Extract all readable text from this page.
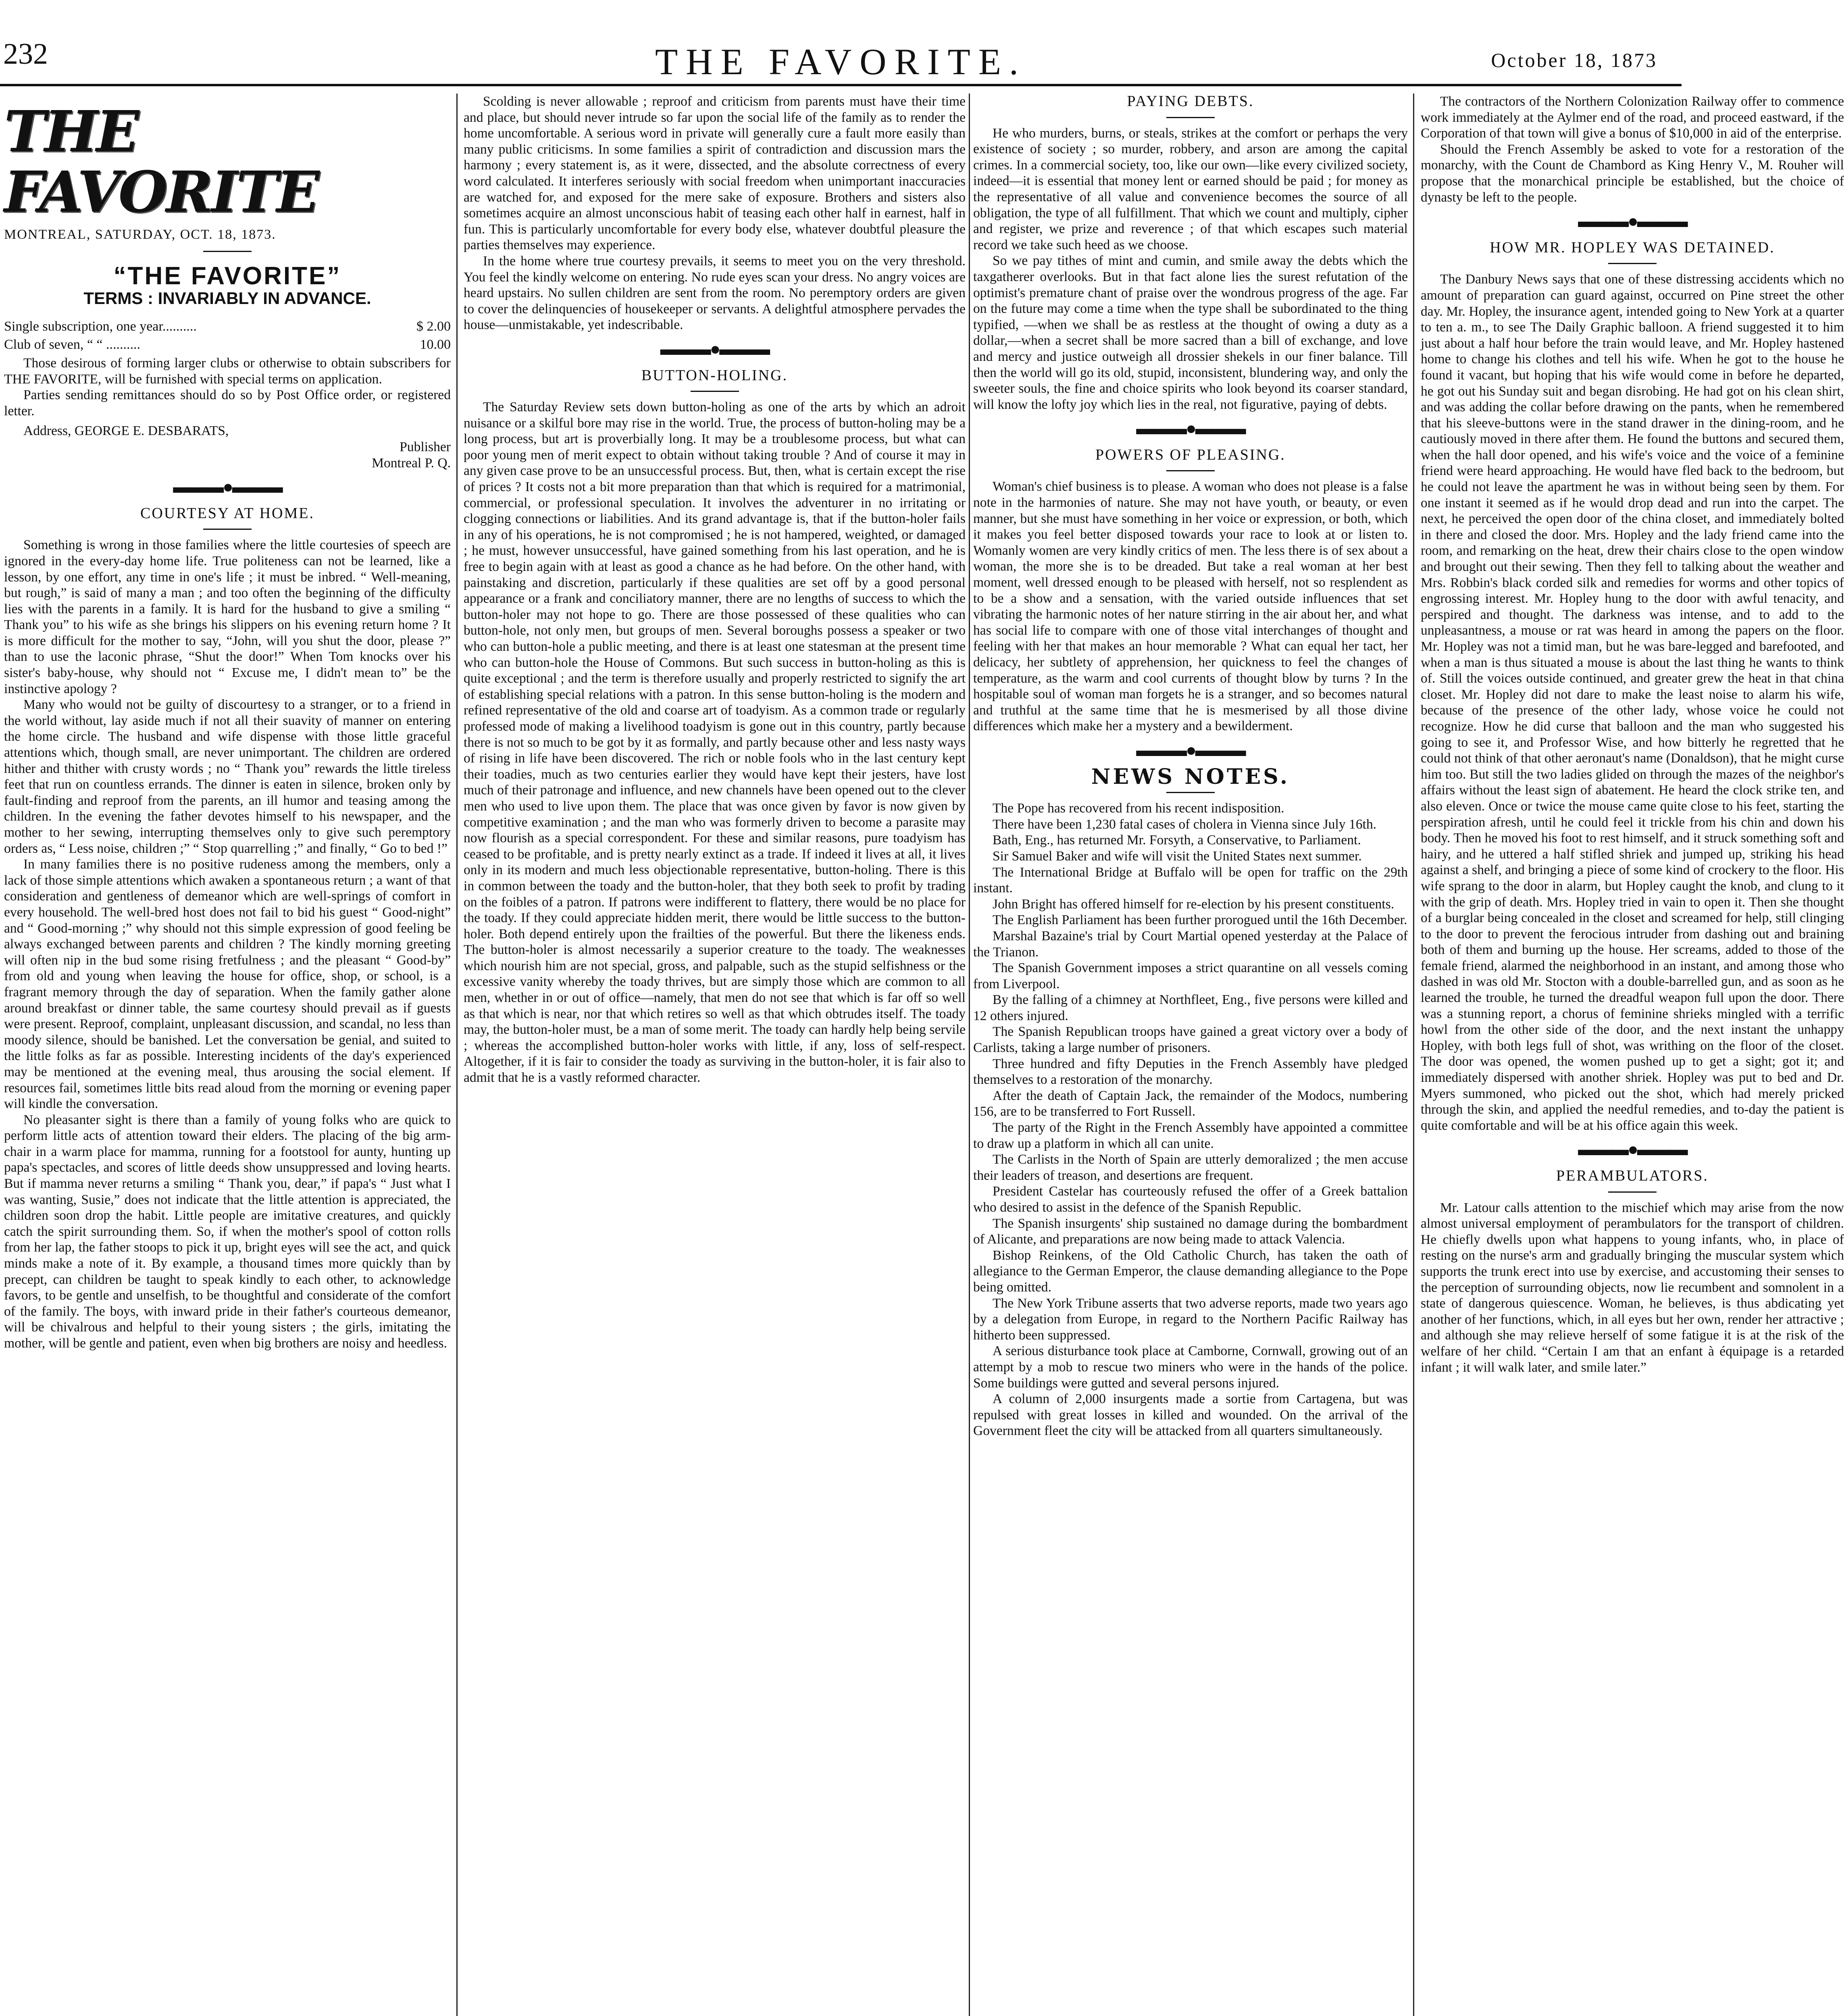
232	THE FAVORITE.	October 18, 1873
THE FAVORITE
MONTREAL, SATURDAY, OCT. 18, 1873.
“THE FAVORITE”
TERMS : INVARIABLY IN ADVANCE.
Single subscription, one year..........	$ 2.00
Club of seven, “ “ ..........	10.00

Those desirous of forming larger clubs or otherwise to obtain subscribers for THE FAVORITE, will be furnished with special terms on application.

Parties sending remittances should do so by Post Office order, or registered letter.

Address, GEORGE E. DESBARATS,
Publisher
Montreal P. Q.
▬▬▬●▬▬▬
COURTESY AT HOME.

Something is wrong in those families where the little courtesies of speech are ignored in the every-day home life. True politeness can not be learned, like a lesson, by one effort, any time in one's life ; it must be inbred. “ Well-meaning, but rough,” is said of many a man ; and too often the beginning of the difficulty lies with the parents in a family. It is hard for the husband to give a smiling “ Thank you” to his wife as she brings his slippers on his evening return home ? It is more difficult for the mother to say, “John, will you shut the door, please ?” than to use the laconic phrase, “Shut the door!” When Tom knocks over his sister's baby-house, why should not “ Excuse me, I didn't mean to” be the instinctive apology ?

Many who would not be guilty of discourtesy to a stranger, or to a friend in the world without, lay aside much if not all their suavity of manner on entering the home circle. The husband and wife dispense with those little graceful attentions which, though small, are never unimportant. The children are ordered hither and thither with crusty words ; no “ Thank you” rewards the little tireless feet that run on countless errands. The dinner is eaten in silence, broken only by fault-finding and reproof from the parents, an ill humor and teasing among the children. In the evening the father devotes himself to his newspaper, and the mother to her sewing, interrupting themselves only to give such peremptory orders as, “ Less noise, children ;” “ Stop quarrelling ;” and finally, “ Go to bed !”

In many families there is no positive rudeness among the members, only a lack of those simple attentions which awaken a spontaneous return ; a want of that consideration and gentleness of demeanor which are well-springs of comfort in every household. The well-bred host does not fail to bid his guest “ Good-night” and “ Good-morning ;” why should not this simple expression of good feeling be always exchanged between parents and children ? The kindly morning greeting will often nip in the bud some rising fretfulness ; and the pleasant “ Good-by” from old and young when leaving the house for office, shop, or school, is a fragrant memory through the day of separation. When the family gather alone around breakfast or dinner table, the same courtesy should prevail as if guests were present. Reproof, complaint, unpleasant discussion, and scandal, no less than moody silence, should be banished. Let the conversation be genial, and suited to the little folks as far as possible. Interesting incidents of the day's experienced may be mentioned at the evening meal, thus arousing the social element. If resources fail, sometimes little bits read aloud from the morning or evening paper will kindle the conversation.

No pleasanter sight is there than a family of young folks who are quick to perform little acts of attention toward their elders. The placing of the big arm-chair in a warm place for mamma, running for a footstool for aunty, hunting up papa's spectacles, and scores of little deeds show unsuppressed and loving hearts. But if mamma never returns a smiling “ Thank you, dear,” if papa's “ Just what I was wanting, Susie,” does not indicate that the little attention is appreciated, the children soon drop the habit. Little people are imitative creatures, and quickly catch the spirit surrounding them. So, if when the mother's spool of cotton rolls from her lap, the father stoops to pick it up, bright eyes will see the act, and quick minds make a note of it. By example, a thousand times more quickly than by precept, can children be taught to speak kindly to each other, to acknowledge favors, to be gentle and unselfish, to be thoughtful and considerate of the comfort of the family. The boys, with inward pride in their father's courteous demeanor, will be chivalrous and helpful to their young sisters ; the girls, imitating the mother, will be gentle and patient, even when big brothers are noisy and heedless.

Scolding is never allowable ; reproof and criticism from parents must have their time and place, but should never intrude so far upon the social life of the family as to render the home uncomfortable. A serious word in private will generally cure a fault more easily than many public criticisms. In some families a spirit of contradiction and discussion mars the harmony ; every statement is, as it were, dissected, and the absolute correctness of every word calculated. It interferes seriously with social freedom when unimportant inaccuracies are watched for, and exposed for the mere sake of exposure. Brothers and sisters also sometimes acquire an almost unconscious habit of teasing each other half in earnest, half in fun. This is particularly uncomfortable for every body else, whatever doubtful pleasure the parties themselves may experience.

In the home where true courtesy prevails, it seems to meet you on the very threshold. You feel the kindly welcome on entering. No rude eyes scan your dress. No angry voices are heard upstairs. No sullen children are sent from the room. No peremptory orders are given to cover the delinquencies of housekeeper or servants. A delightful atmosphere pervades the house—unmistakable, yet indescribable.

▬▬▬●▬▬▬
BUTTON-HOLING.

The Saturday Review sets down button-holing as one of the arts by which an adroit nuisance or a skilful bore may rise in the world. True, the process of button-holing may be a long process, but art is proverbially long. It may be a troublesome process, but what can poor young men of merit expect to obtain without taking trouble ? And of course it may in any given case prove to be an unsuccessful process. But, then, what is certain except the rise of prices ? It costs not a bit more preparation than that which is required for a matrimonial, commercial, or professional speculation. It involves the adventurer in no irritating or clogging connections or liabilities. And its grand advantage is, that if the button-holer fails in any of his operations, he is not compromised ; he is not hampered, weighted, or damaged ; he must, however unsuccessful, have gained something from his last operation, and he is free to begin again with at least as good a chance as he had before. On the other hand, with painstaking and discretion, particularly if these qualities are set off by a good personal appearance or a frank and conciliatory manner, there are no lengths of success to which the button-holer may not hope to go. There are those possessed of these qualities who can button-hole, not only men, but groups of men. Several boroughs possess a speaker or two who can button-hole a public meeting, and there is at least one statesman at the present time who can button-hole the House of Commons. But such success in button-holing as this is quite exceptional ; and the term is therefore usually and properly restricted to signify the art of establishing special relations with a patron. In this sense button-holing is the modern and refined representative of the old and coarse art of toadyism. As a common trade or regularly professed mode of making a livelihood toadyism is gone out in this country, partly because there is not so much to be got by it as formally, and partly because other and less nasty ways of rising in life have been discovered. The rich or noble fools who in the last century kept their toadies, much as two centuries earlier they would have kept their jesters, have lost much of their patronage and influence, and new channels have been opened out to the clever men who used to live upon them. The place that was once given by favor is now given by competitive examination ; and the man who was formerly driven to become a parasite may now flourish as a special correspondent. For these and similar reasons, pure toadyism has ceased to be profitable, and is pretty nearly extinct as a trade. If indeed it lives at all, it lives only in its modern and much less objectionable representative, button-holing. There is this in common between the toady and the button-holer, that they both seek to profit by trading on the foibles of a patron. If patrons were indifferent to flattery, there would be no place for the toady. If they could appreciate hidden merit, there would be little success to the button-holer. Both depend entirely upon the frailties of the powerful. But there the likeness ends. The button-holer is almost necessarily a superior creature to the toady. The weaknesses which nourish him are not special, gross, and palpable, such as the stupid selfishness or the excessive vanity whereby the toady thrives, but are simply those which are common to all men, whether in or out of office—namely, that men do not see that which is far off so well as that which is near, nor that which retires so well as that which obtrudes itself. The toady may, the button-holer must, be a man of some merit. The toady can hardly help being servile ; whereas the accomplished button-holer works with little, if any, loss of self-respect. Altogether, if it is fair to consider the toady as surviving in the button-holer, it is fair also to admit that he is a vastly reformed character.

PAYING DEBTS.

He who murders, burns, or steals, strikes at the comfort or perhaps the very existence of society ; so murder, robbery, and arson are among the capital crimes. In a commercial society, too, like our own—like every civilized society, indeed—it is essential that money lent or earned should be paid ; for money as the representative of all value and convenience becomes the source of all obligation, the type of all fulfillment. That which we count and multiply, cipher and register, we prize and reverence ; of that which escapes such material record we take such heed as we choose.

So we pay tithes of mint and cumin, and smile away the debts which the taxgatherer overlooks. But in that fact alone lies the surest refutation of the optimist's premature chant of praise over the wondrous progress of the age. Far on the future may come a time when the type shall be subordinated to the thing typified, —when we shall be as restless at the thought of owing a duty as a dollar,—when a secret shall be more sacred than a bill of exchange, and love and mercy and justice outweigh all drossier shekels in our finer balance. Till then the world will go its old, stupid, inconsistent, blundering way, and only the sweeter souls, the fine and choice spirits who look beyond its coarser standard, will know the lofty joy which lies in the real, not figurative, paying of debts.

▬▬▬●▬▬▬
POWERS OF PLEASING.

Woman's chief business is to please. A woman who does not please is a false note in the harmonies of nature. She may not have youth, or beauty, or even manner, but she must have something in her voice or expression, or both, which it makes you feel better disposed towards your race to look at or listen to. Womanly women are very kindly critics of men. The less there is of sex about a woman, the more she is to be dreaded. But take a real woman at her best moment, well dressed enough to be pleased with herself, not so resplendent as to be a show and a sensation, with the varied outside influences that set vibrating the harmonic notes of her nature stirring in the air about her, and what has social life to compare with one of those vital interchanges of thought and feeling with her that makes an hour memorable ? What can equal her tact, her delicacy, her subtlety of apprehension, her quickness to feel the changes of temperature, as the warm and cool currents of thought blow by turns ? In the hospitable soul of woman man forgets he is a stranger, and so becomes natural and truthful at the same time that he is mesmerised by all those divine differences which make her a mystery and a bewilderment.

▬▬▬●▬▬▬
NEWS NOTES.

The Pope has recovered from his recent indisposition.

There have been 1,230 fatal cases of cholera in Vienna since July 16th.

Bath, Eng., has returned Mr. Forsyth, a Conservative, to Parliament.

Sir Samuel Baker and wife will visit the United States next summer.

The International Bridge at Buffalo will be open for traffic on the 29th instant.

John Bright has offered himself for re-election by his present constituents.

The English Parliament has been further prorogued until the 16th December.

Marshal Bazaine's trial by Court Martial opened yesterday at the Palace of the Trianon.

The Spanish Government imposes a strict quarantine on all vessels coming from Liverpool.

By the falling of a chimney at Northfleet, Eng., five persons were killed and 12 others injured.

The Spanish Republican troops have gained a great victory over a body of Carlists, taking a large number of prisoners.

Three hundred and fifty Deputies in the French Assembly have pledged themselves to a restoration of the monarchy.

After the death of Captain Jack, the remainder of the Modocs, numbering 156, are to be transferred to Fort Russell.

The party of the Right in the French Assembly have appointed a committee to draw up a platform in which all can unite.

The Carlists in the North of Spain are utterly demoralized ; the men accuse their leaders of treason, and desertions are frequent.

President Castelar has courteously refused the offer of a Greek battalion who desired to assist in the defence of the Spanish Republic.

The Spanish insurgents' ship sustained no damage during the bombardment of Alicante, and preparations are now being made to attack Valencia.

Bishop Reinkens, of the Old Catholic Church, has taken the oath of allegiance to the German Emperor, the clause demanding allegiance to the Pope being omitted.

The New York Tribune asserts that two adverse reports, made two years ago by a delegation from Europe, in regard to the Northern Pacific Railway has hitherto been suppressed.

A serious disturbance took place at Camborne, Cornwall, growing out of an attempt by a mob to rescue two miners who were in the hands of the police. Some buildings were gutted and several persons injured.

A column of 2,000 insurgents made a sortie from Cartagena, but was repulsed with great losses in killed and wounded. On the arrival of the Government fleet the city will be attacked from all quarters simultaneously.

The contractors of the Northern Colonization Railway offer to commence work immediately at the Aylmer end of the road, and proceed eastward, if the Corporation of that town will give a bonus of $10,000 in aid of the enterprise.

Should the French Assembly be asked to vote for a restoration of the monarchy, with the Count de Chambord as King Henry V., M. Rouher will propose that the monarchical principle be established, but the choice of dynasty be left to the people.

▬▬▬●▬▬▬
HOW MR. HOPLEY WAS DETAINED.

The Danbury News says that one of these distressing accidents which no amount of preparation can guard against, occurred on Pine street the other day. Mr. Hopley, the insurance agent, intended going to New York at a quarter to ten a. m., to see The Daily Graphic balloon. A friend suggested it to him just about a half hour before the train would leave, and Mr. Hopley hastened home to change his clothes and tell his wife. When he got to the house he found it vacant, but hoping that his wife would come in before he departed, he got out his Sunday suit and began disrobing. He had got on his clean shirt, and was adding the collar before drawing on the pants, when he remembered that his sleeve-buttons were in the stand drawer in the dining-room, and he cautiously moved in there after them. He found the buttons and secured them, when the hall door opened, and his wife's voice and the voice of a feminine friend were heard approaching. He would have fled back to the bedroom, but he could not leave the apartment he was in without being seen by them. For one instant it seemed as if he would drop dead and run into the carpet. The next, he perceived the open door of the china closet, and immediately bolted in there and closed the door. Mrs. Hopley and the lady friend came into the room, and remarking on the heat, drew their chairs close to the open window and brought out their sewing. Then they fell to talking about the weather and Mrs. Robbin's black corded silk and remedies for worms and other topics of engrossing interest. Mr. Hopley hung to the door with awful tenacity, and perspired and thought. The darkness was intense, and to add to the unpleasantness, a mouse or rat was heard in among the papers on the floor. Mr. Hopley was not a timid man, but he was bare-legged and barefooted, and when a man is thus situated a mouse is about the last thing he wants to think of. Still the voices outside continued, and greater grew the heat in that china closet. Mr. Hopley did not dare to make the least noise to alarm his wife, because of the presence of the other lady, whose voice he could not recognize. How he did curse that balloon and the man who suggested his going to see it, and Professor Wise, and how bitterly he regretted that he could not think of that other aeronaut's name (Donaldson), that he might curse him too. But still the two ladies glided on through the mazes of the neighbor's affairs without the least sign of abatement. He heard the clock strike ten, and also eleven. Once or twice the mouse came quite close to his feet, starting the perspiration afresh, until he could feel it trickle from his chin and down his body. Then he moved his foot to rest himself, and it struck something soft and hairy, and he uttered a half stifled shriek and jumped up, striking his head against a shelf, and bringing a piece of some kind of crockery to the floor. His wife sprang to the door in alarm, but Hopley caught the knob, and clung to it with the grip of death. Mrs. Hopley tried in vain to open it. Then she thought of a burglar being concealed in the closet and screamed for help, still clinging to the door to prevent the ferocious intruder from dashing out and braining both of them and burning up the house. Her screams, added to those of the female friend, alarmed the neighborhood in an instant, and among those who dashed in was old Mr. Stocton with a double-barrelled gun, and as soon as he learned the trouble, he turned the dreadful weapon full upon the door. There was a stunning report, a chorus of feminine shrieks mingled with a terrific howl from the other side of the door, and the next instant the unhappy Hopley, with both legs full of shot, was writhing on the floor of the closet. The door was opened, the women pushed up to get a sight; got it; and immediately dispersed with another shriek. Hopley was put to bed and Dr. Myers summoned, who picked out the shot, which had merely pricked through the skin, and applied the needful remedies, and to-day the patient is quite comfortable and will be at his office again this week.

▬▬▬●▬▬▬
PERAMBULATORS.

Mr. Latour calls attention to the mischief which may arise from the now almost universal employment of perambulators for the transport of children. He chiefly dwells upon what happens to young infants, who, in place of resting on the nurse's arm and gradually bringing the muscular system which supports the trunk erect into use by exercise, and accustoming their senses to the perception of surrounding objects, now lie recumbent and somnolent in a state of dangerous quiescence. Woman, he believes, is thus abdicating yet another of her functions, which, in all eyes but her own, render her attractive ; and although she may relieve herself of some fatigue it is at the risk of the welfare of her child. “Certain I am that an enfant à équipage is a retarded infant ; it will walk later, and smile later.”
